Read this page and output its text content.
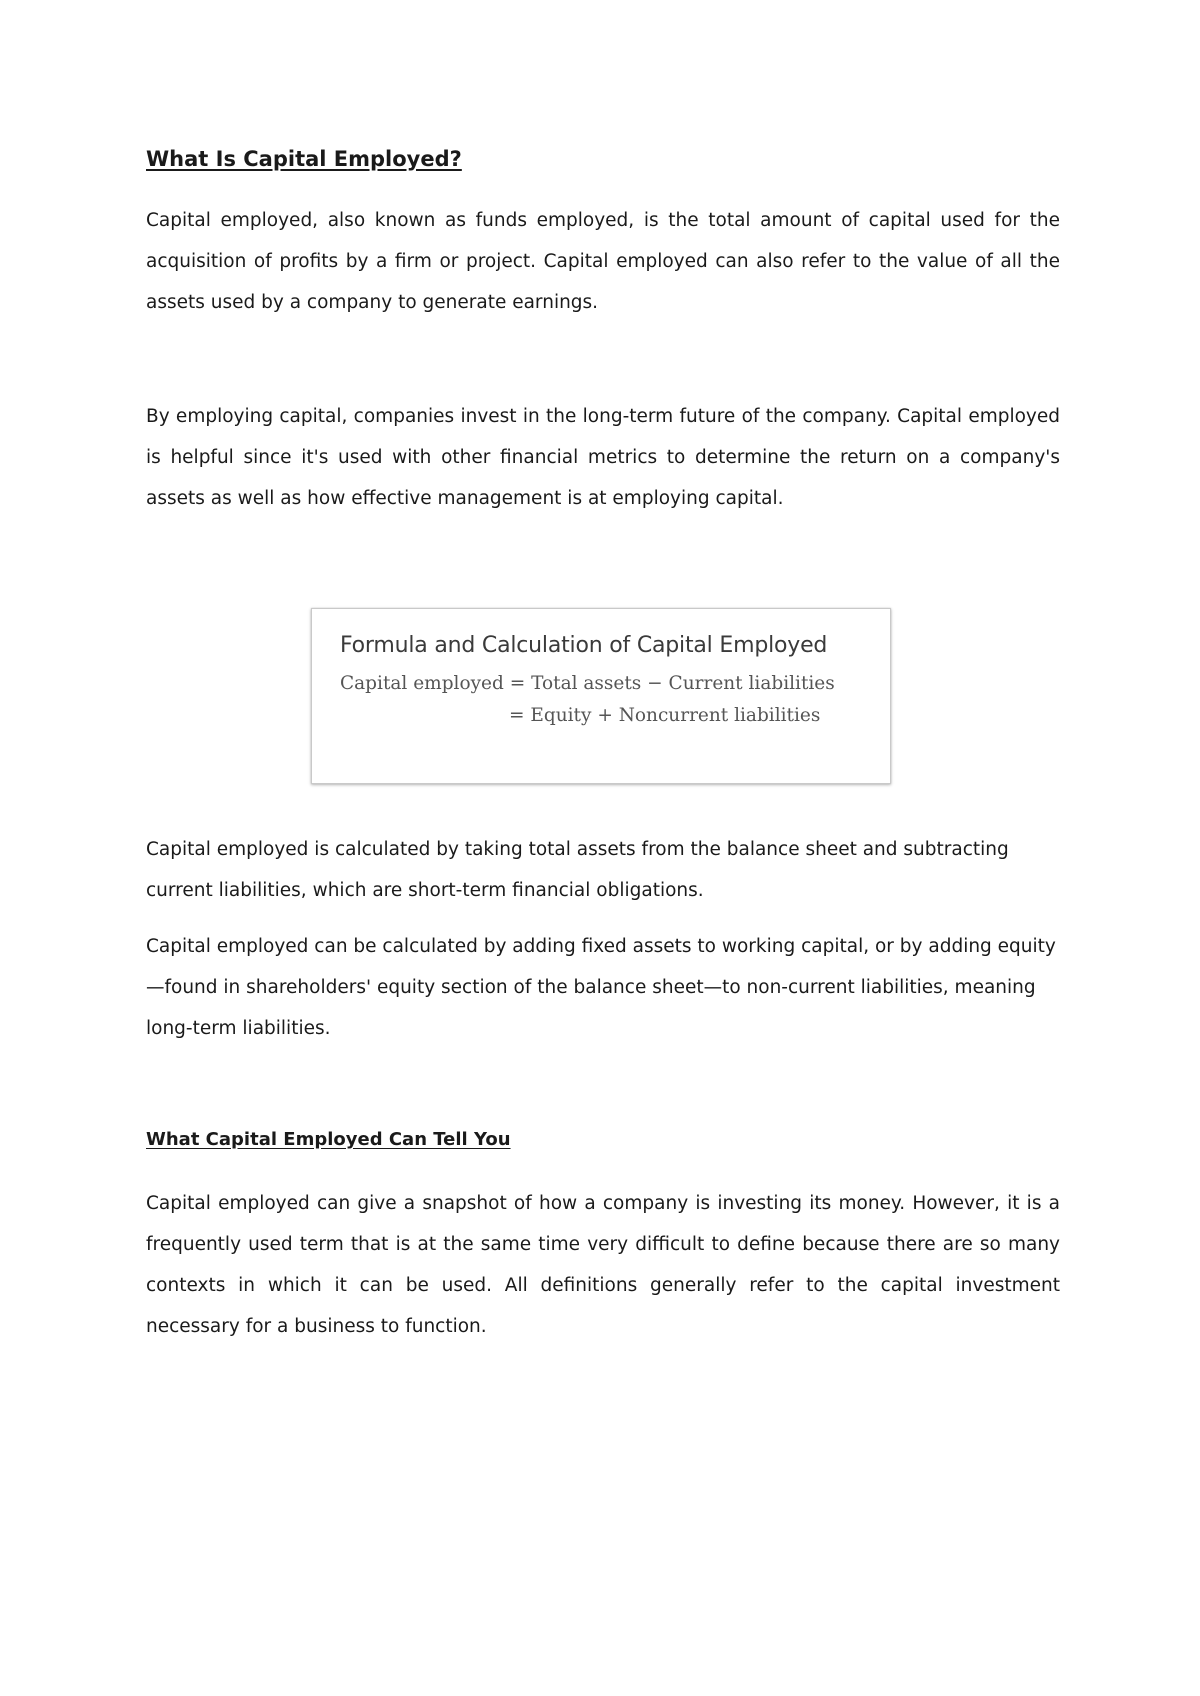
What Is Capital Employed?

Capital employed, also known as funds employed, is the total amount of capital used for the acquisition of profits by a firm or project. Capital employed can also refer to the value of all the assets used by a company to generate earnings.

By employing capital, companies invest in the long-term future of the company. Capital employed is helpful since it's used with other financial metrics to determine the return on a company's assets as well as how effective management is at employing capital.

Formula and Calculation of Capital Employed
Capital employed = Total assets − Current liabilities
= Equity + Noncurrent liabilities

Capital employed is calculated by taking total assets from the balance sheet and subtracting current liabilities, which are short-term financial obligations.

Capital employed can be calculated by adding fixed assets to working capital, or by adding equity—found in shareholders' equity section of the balance sheet—to non-current liabilities, meaning long-term liabilities.

What Capital Employed Can Tell You

Capital employed can give a snapshot of how a company is investing its money. However, it is a frequently used term that is at the same time very difficult to define because there are so many contexts in which it can be used. All definitions generally refer to the capital investment necessary for a business to function.
